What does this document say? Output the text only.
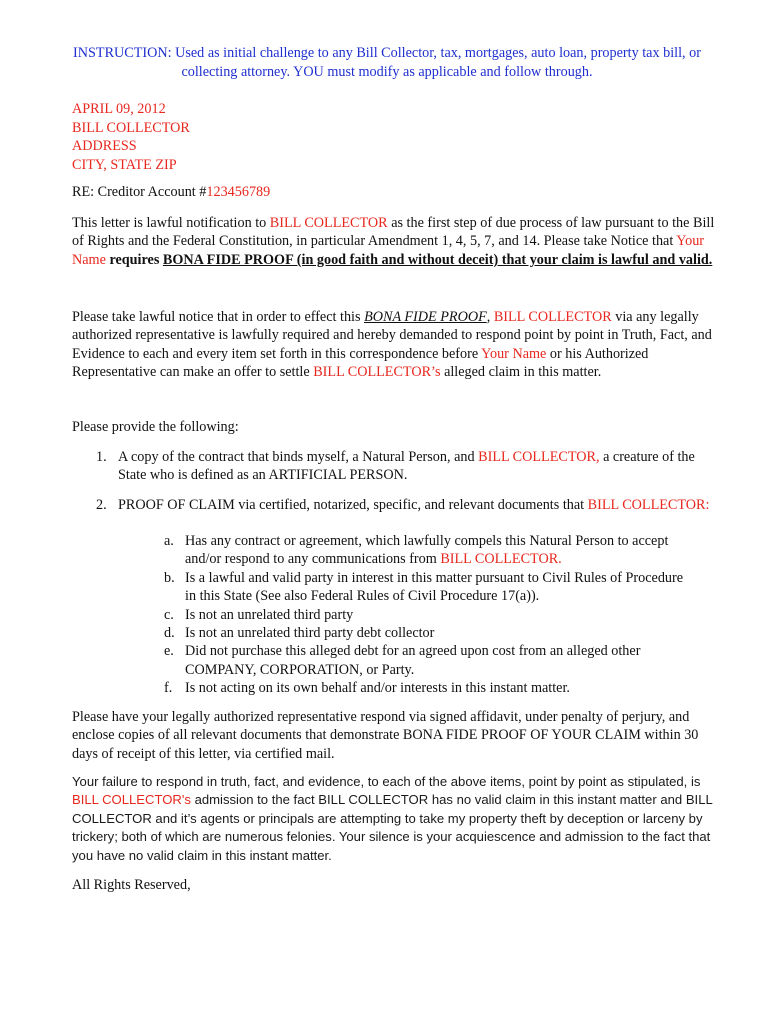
INSTRUCTION: Used as initial challenge to any Bill Collector, tax, mortgages, auto loan, property tax bill, or collecting attorney. YOU must modify as applicable and follow through.

APRIL 09, 2012
BILL COLLECTOR
ADDRESS
CITY, STATE ZIP

RE: Creditor Account #123456789

This letter is lawful notification to BILL COLLECTOR as the first step of due process of law pursuant to the Bill of Rights and the Federal Constitution, in particular Amendment 1, 4, 5, 7, and 14. Please take Notice that Your Name requires BONA FIDE PROOF (in good faith and without deceit) that your claim is lawful and valid.

Please take lawful notice that in order to effect this BONA FIDE PROOF, BILL COLLECTOR via any legally authorized representative is lawfully required and hereby demanded to respond point by point in Truth, Fact, and Evidence to each and every item set forth in this correspondence before Your Name or his Authorized Representative can make an offer to settle BILL COLLECTOR’s alleged claim in this matter.

Please provide the following:

1. A copy of the contract that binds myself, a Natural Person, and BILL COLLECTOR, a creature of the State who is defined as an ARTIFICIAL PERSON.
2. PROOF OF CLAIM via certified, notarized, specific, and relevant documents that BILL COLLECTOR:
a. Has any contract or agreement, which lawfully compels this Natural Person to accept and/or respond to any communications from BILL COLLECTOR.
b. Is a lawful and valid party in interest in this matter pursuant to Civil Rules of Procedure in this State (See also Federal Rules of Civil Procedure 17(a)).
c. Is not an unrelated third party
d. Is not an unrelated third party debt collector
e. Did not purchase this alleged debt for an agreed upon cost from an alleged other COMPANY, CORPORATION, or Party.
f. Is not acting on its own behalf and/or interests in this instant matter.

Please have your legally authorized representative respond via signed affidavit, under penalty of perjury, and enclose copies of all relevant documents that demonstrate BONA FIDE PROOF OF YOUR CLAIM within 30 days of receipt of this letter, via certified mail.

Your failure to respond in truth, fact, and evidence, to each of the above items, point by point as stipulated, is BILL COLLECTOR's admission to the fact BILL COLLECTOR has no valid claim in this instant matter and BILL COLLECTOR and it’s agents or principals are attempting to take my property theft by deception or larceny by trickery; both of which are numerous felonies. Your silence is your acquiescence and admission to the fact that you have no valid claim in this instant matter.

All Rights Reserved,
